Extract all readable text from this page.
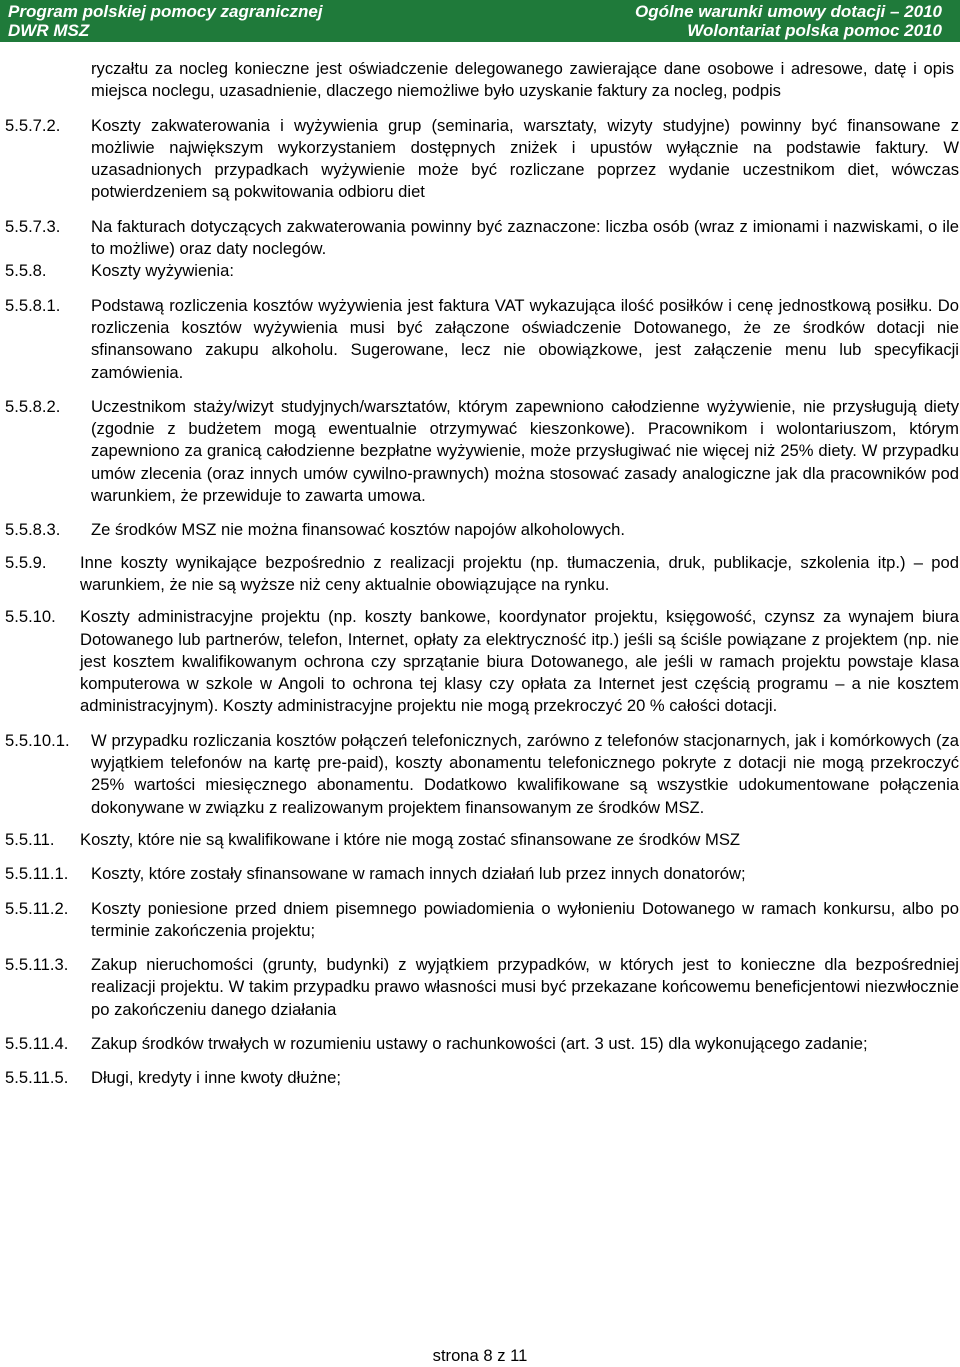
Program polskiej pomocy zagranicznej
DWR MSZ
Ogólne warunki umowy dotacji – 2010
Wolontariat polska pomoc 2010
ryczałtu za nocleg konieczne jest oświadczenie delegowanego zawierające dane osobowe i adresowe, datę i opis miejsca noclegu, uzasadnienie, dlaczego niemożliwe było uzyskanie faktury za nocleg, podpis
5.5.7.2. Koszty zakwaterowania i wyżywienia grup (seminaria, warsztaty, wizyty studyjne) powinny być finansowane z możliwie największym wykorzystaniem dostępnych zniżek i upustów wyłącznie na podstawie faktury. W uzasadnionych przypadkach wyżywienie może być rozliczane poprzez wydanie uczestnikom diet, wówczas potwierdzeniem są pokwitowania odbioru diet
5.5.7.3. Na fakturach dotyczących zakwaterowania powinny być zaznaczone: liczba osób (wraz z imionami i nazwiskami, o ile to możliwe) oraz daty noclegów.
5.5.8.	Koszty wyżywienia:
5.5.8.1. Podstawą rozliczenia kosztów wyżywienia jest faktura VAT wykazująca ilość posiłków i cenę jednostkową posiłku. Do rozliczenia kosztów wyżywienia musi być załączone oświadczenie Dotowanego, że ze środków dotacji nie sfinansowano zakupu alkoholu. Sugerowane, lecz nie obowiązkowe, jest załączenie menu lub specyfikacji zamówienia.
5.5.8.2. Uczestnikom staży/wizyt studyjnych/warsztatów, którym zapewniono całodzienne wyżywienie, nie przysługują diety (zgodnie z budżetem mogą ewentualnie otrzymywać kieszonkowe). Pracownikom i wolontariuszom, którym zapewniono za granicą całodzienne bezpłatne wyżywienie, może przysługiwać nie więcej niż 25% diety. W przypadku umów zlecenia (oraz innych umów cywilno-prawnych) można stosować zasady analogiczne jak dla pracowników pod warunkiem, że przewiduje to zawarta umowa.
5.5.8.3. Ze środków MSZ nie można finansować kosztów napojów alkoholowych.
5.5.9. Inne koszty wynikające bezpośrednio z realizacji projektu (np. tłumaczenia, druk, publikacje, szkolenia itp.) – pod warunkiem, że nie są wyższe niż ceny aktualnie obowiązujące na rynku.
5.5.10. Koszty administracyjne projektu (np. koszty bankowe, koordynator projektu, księgowość, czynsz za wynajem biura Dotowanego lub partnerów, telefon, Internet, opłaty za elektryczność itp.) jeśli są ściśle powiązane z projektem (np. nie jest kosztem kwalifikowanym ochrona czy sprzątanie biura Dotowanego, ale jeśli w ramach projektu powstaje klasa komputerowa w szkole w Angoli to ochrona tej klasy czy opłata za Internet jest częścią programu – a nie kosztem administracyjnym). Koszty administracyjne projektu nie mogą przekroczyć 20 % całości dotacji.
5.5.10.1. W przypadku rozliczania kosztów połączeń telefonicznych, zarówno z telefonów stacjonarnych, jak i komórkowych (za wyjątkiem telefonów na kartę pre-paid), koszty abonamentu telefonicznego pokryte z dotacji nie mogą przekroczyć 25% wartości miesięcznego abonamentu. Dodatkowo kwalifikowane są wszystkie udokumentowane połączenia dokonywane w związku z realizowanym projektem finansowanym ze środków MSZ.
5.5.11. Koszty, które nie są kwalifikowane i które nie mogą zostać sfinansowane ze środków MSZ
5.5.11.1. Koszty, które zostały sfinansowane w ramach innych działań lub przez innych donatorów;
5.5.11.2. Koszty poniesione przed dniem pisemnego powiadomienia o wyłonieniu Dotowanego w ramach konkursu, albo po terminie zakończenia projektu;
5.5.11.3. Zakup nieruchomości (grunty, budynki) z wyjątkiem przypadków, w których jest to konieczne dla bezpośredniej realizacji projektu. W takim przypadku prawo własności musi być przekazane końcowemu beneficjentowi niezwłocznie po zakończeniu danego działania
5.5.11.4. Zakup środków trwałych w rozumieniu ustawy o rachunkowości (art. 3 ust. 15) dla wykonującego zadanie;
5.5.11.5. Długi, kredyty i inne kwoty dłużne;
strona 8 z 11
